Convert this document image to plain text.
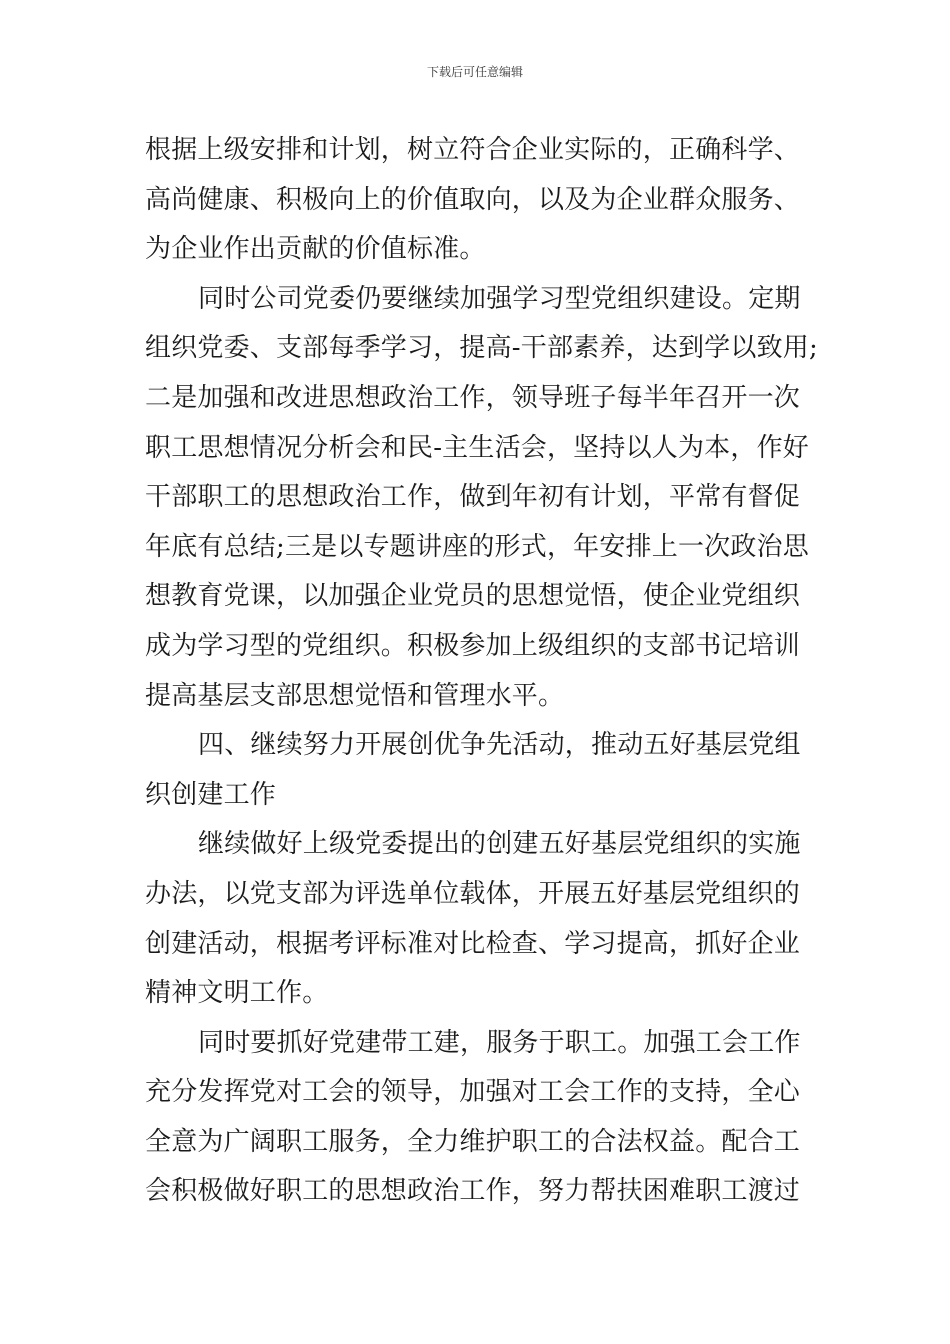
下载后可任意编辑
根据上级安排和计划，树立符合企业实际的，正确科学、
高尚健康、积极向上的价值取向，以及为企业群众服务、
为企业作出贡献的价值标准。
同时公司党委仍要继续加强学习型党组织建设。定期
组织党委、支部每季学习，提高-干部素养，达到学以致用;
二是加强和改进思想政治工作，领导班子每半年召开一次
职工思想情况分析会和民-主生活会，坚持以人为本，作好
干部职工的思想政治工作，做到年初有计划，平常有督促
年底有总结;三是以专题讲座的形式，年安排上一次政治思
想教育党课，以加强企业党员的思想觉悟，使企业党组织
成为学习型的党组织。积极参加上级组织的支部书记培训
提高基层支部思想觉悟和管理水平。
四、继续努力开展创优争先活动，推动五好基层党组
织创建工作
继续做好上级党委提出的创建五好基层党组织的实施
办法，以党支部为评选单位载体，开展五好基层党组织的
创建活动，根据考评标准对比检查、学习提高，抓好企业
精神文明工作。
同时要抓好党建带工建，服务于职工。加强工会工作
充分发挥党对工会的领导，加强对工会工作的支持，全心
全意为广阔职工服务，全力维护职工的合法权益。配合工
会积极做好职工的思想政治工作，努力帮扶困难职工渡过
